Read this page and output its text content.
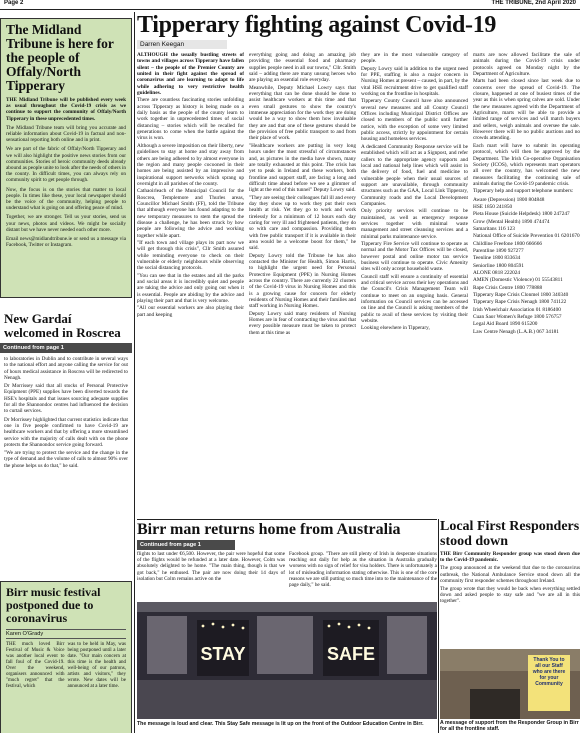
Page 2	THE TRIBUNE, 2nd April 2020
The Midland Tribune is here for the people of Offaly/North Tipperary

THE Midland Tribune will be published every week as usual throughout the Covid-19 crisis as we continue to support the community of Offaly/North Tipperary in these unprecedented times.

The Midland Tribune team will bring you accurate and reliable information about Covid-19 in factual and non-sensational reporting both online and in print.

We are part of the fabric of Offaly/North Tipperary and we will also highlight the positive news stories from our communities. Stories of heroic community deeds already abound as people unite to look after the needs of others in the county. In difficult times, you can always rely on community spirit to get people through.

Now, the focus is on the stories that matter to local people. In times like these, your local newspaper should be the voice of the community, helping people to understand what is going on and offering peace of mind.

Together, we are stronger. Tell us your stories, send us your news, photos and videos. We might be socially distant but we have never needed each other more.

Email news@midlandtribune.ie or send us a message via Facebook, Twitter or Instagram.

New Gardaí welcomed in Roscrea
Continued from page 1

to laboratories in Dublin and to contribute in several ways to the national effort and anyone calling the service for out of hours medical assistance in Roscrea will be redirected to Nenagh.

Dr Morrissey said that all stocks of Personal Protective Equipment (PPE) supplies have been diverted towards the HSE's hospitals and that issues sourcing adequate supplies for all the Shannondoc centres had influenced the decision to curtail services.

Dr Morrissey highlighted that current statistics indicate that one in five people confirmed to have Covid-19 are healthcare workers and that by offering a more streamlined service with the majority of calls dealt with on the phone protects the Shannondoc service going forward.

"We are trying to protect the service and the change in the type of demand and the volume of calls to almost 90% over the phone helps us do that," he said.

Birr music festival postponed due to coronavirus
Karen O'Grady

THE much loved Birr Festival of Music & Voice was another local event to fall foul of the Covid-19. Over the weekend, organisers announced with "much regret" that the festival, which

was to be held in May, was being postponed until a later date. "Our main concern at this time is the health and well-being of our patrons, artists and visitors," they wrote. New dates will be announced at a later time.

Tipperary fighting against Covid-19
Darren Keegan

ALTHOUGH the usually bustling streets of towns and villages across Tipperary have fallen silent – the people of the Premier County are united in their fight against the spread of coronavirus and are learning to adapt to life while adhering to very restrictive health guidelines.

There are countless fascinating stories unfolding across Tipperary as history is being made on a daily basis as the people of the county learn to work together in unprecedented times of social distancing – stories which will be recalled for generations to come when the battle against the virus is won.

Although a severe imposition on their liberty, new guidelines to stay at home and stay away from others are being adhered to by almost everyone in the region and many people cocooned in their homes are being assisted by an impressive and inspirational support networks which sprang up overnight in all parishes of the county.

Cathaoirleach of the Municipal Council for the Roscrea, Templemore and Thurles areas, Councillor Michael Smith (FF), told the Tribune that although everyone has found adapting to the new temporary measures to stem the spread the disease a challenge, he has been struck by how people are following the advice and working together while apart.

"If each town and village plays its part now we will get through this crisis", Cllr Smith assured while reminding everyone to check on their vulnerable or elderly neighbours while observing the social distancing protocols.

"You can see that in the estates and all the parks and social areas it is incredibly quiet and people are taking the advice and only going out when it is essential. People are abiding by the advice and playing their part and that is very welcome.

"All our essential workers are also playing their part and keeping

everything going and doing an amazing job providing the essential food and pharmacy supplies people need in all our towns," Cllr. Smith said – adding there are many unsung heroes who are playing an essential role everyday.

Meanwhile, Deputy Michael Lowry says that everything that can be done should be done to assist healthcare workers at this time and that even small gestures to show the country's immense appreciation for the work they are doing would be a way to show them how invaluable they are and that one of these gestures should be the provision of free public transport to and from their place of work.

"Healthcare workers are putting in very long hours under the most stressful of circumstances and, as pictures in the media have shown, many are totally exhausted at this point. The crisis has yet to peak in Ireland and these workers, both frontline and support staff, are facing a long and difficult time ahead before we see a glimmer of light at the end of this tunnel" Deputy Lowry said.

"They are seeing their colleagues fall ill and every day they show up to work they put their own health at risk. Yet they go to work and work tirelessly for a minimum of 12 hours each day caring for very ill and frightened patients, they do so with care and compassion. Providing them with free public transport if it is available in their area would be a welcome boost for them," he said.

Deputy Lowry told the Tribune he has also contacted the Minister for Health, Simon Harris, to highlight the urgent need for Personal Protective Equipment (PPE) in Nursing Homes across the country. There are currently 22 clusters of the Covid-19 virus in Nursing Homes and this is a growing cause for concern for elderly residents of Nursing Homes and their families and staff working in Nursing Homes.

Deputy Lowry said many residents of Nursing Homes are in fear of contracting the virus and that every possible measure must be taken to protect them at this time as

they are in the most vulnerable category of people.

Deputy Lowry said in addition to the urgent need for PPE, staffing is also a major concern in Nursing Homes at present – caused, in part, by the vital HSE recruitment drive to get qualified staff working on the frontline in hospitals.

Tipperary County Council have also announced several new measures and all County Council Offices including Municipal District Offices are closed to members of the public until further notice, with the exception of some very limited public access, strictly by appointment for certain housing and homeless services.

A dedicated Community Response service will be established which will act as a Signpost, and refer callers to the appropriate agency supports and local and national help lines which will assist in the delivery of food, fuel and medicine to vulnerable people when their usual sources of support are unavailable, through community structures such as the GAA, Local Link Tipperary, Community roads and the Local Development Companies.

Only priority services will continue to be maintained, as well as emergency response services together with minimal waste management and street cleansing services and a minimal parks maintenance service.

Tipperary Fire Service will continue to operate as normal and the Motor Tax Offices will be closed, however postal and online motor tax service business will continue to operate. Civic Amenity sites will only accept household waste.

Council staff will ensure a continuity of essential and critical service across their key operations and the Council's Crisis Management Team will continue to meet on an ongoing basis. General information on Council services can be accessed on line and the Council is asking members of the public to avail of these services by visiting their website.

Looking elsewhere in Tipperary,

marts are now allowed facilitate the sale of animals during the Covid-19 crisis under protocols agreed on Monday night by the Department of Agriculture.

Marts had been closed since last week due to concerns over the spread of Covid-19. The closure, happened at one of busiest times of the year as this is when spring calves are sold. Under the new measures agreed with the Department of Agriculture, marts will be able to provide a limited range of services and will match buyers and sellers, weigh animals and oversee the sale. However there will be no public auctions and no crowds attending.

Each mart will have to submit its operating protocol, which will then be approved by the Department. The Irish Co-operative Organisation Society (ICOS), which represents mart operators all over the country, has welcomed the new measures facilitating the continuing sale of animals during the Covid-19 pandemic crisis.

Tipperary help and support telephone numbers:

Aware (Depression) 1800 804848

HSE 1850 241850

Pieta House (Suicide Helpdesk) 1800 247247

Grow (Mental Health) 1890 474474

Samaritans 116 123

National Office of Suicide Prevention 01 6201670

Childline Freefone 1800 666666

Parentline 1890 927277

Teenline 1800 833634

Seniorline 1800 804591

ALONE 0818 222024

AMEN (Domestic Violence) 01 55543811

Rape Crisis Centre 1800 778888

Tipperary Rape Crisis Clonmel 1800 340340

Tipperary Rape Crisis Nenagh 1800 741122

Irish Wheelchair Association 01 8186400

Cuan Saor Women's Refuge 1800 576757

Legal Aid Board 1890 615200

Law Centre Nenagh (L.A.B.) 067 34181

Birr man returns home from Australia
Continued from page 1

flights to last under €6,500. However, the pair were hopeful that some of the flights would be refunded at a later date. However, Colm was absolutely delighted to be home. "The main thing, though is that we got back," he enthused. The pair are now doing their 14 days of isolation but Colm remains active on the

Facebook group. "There are still plenty of Irish in desperate situations reaching out daily for help as the situation in Australia gradually worsens with no sign of relief for visa holders. There is unfortunately a lot of misleading information stating otherwise. This is one of the core reasons we are still putting so much time into to the maintenance of the page daily," he said.

STAY	SAFE
The message is loud and clear. This Stay Safe message is lit up on the front of the Outdoor Education Centre in Birr.
Local First Responders stood down

THE Birr Community Responder group was stood down due to the Covid-19 pandemic.

The group announced at the weekend that due to the coronavirus outbreak, the National Ambulance Service stood down all the community first responder schemes throughout Ireland.

The group wrote that they would be back when everything settled down and asked people to stay safe and "we are all in this together".

Thank You to all our Staff who are there for your Community
A message of support from the Responder Group in Birr for all the frontline staff.
